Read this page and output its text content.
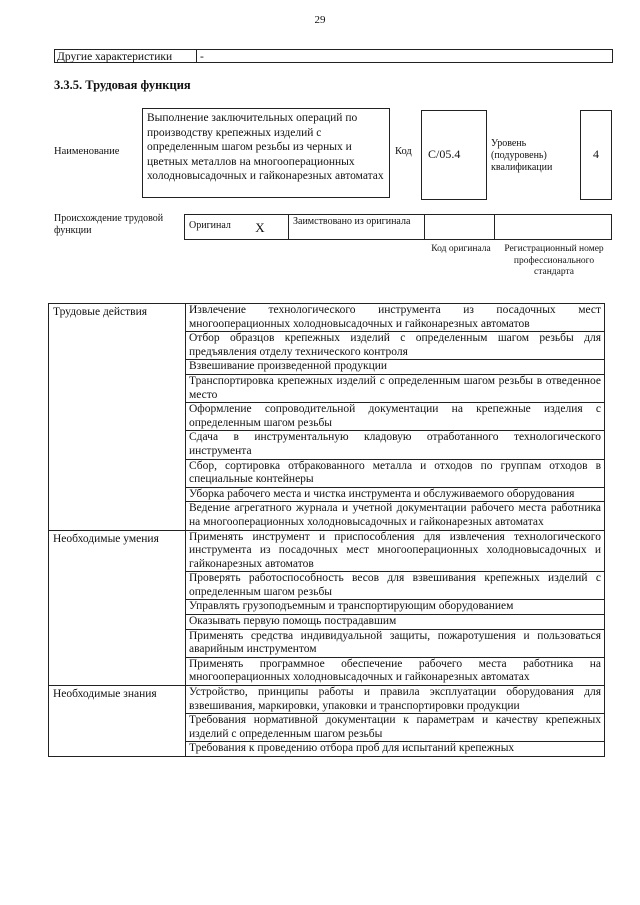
29
Другие характеристики	-
3.3.5. Трудовая функция
Наименование
Выполнение заключительных операций по производству крепежных изделий с определенным шагом резьбы из черных и цветных металлов на многооперационных холодновысадочных и гайконарезных автоматах
Код	C/05.4
Уровень (подуровень) квалификации
4
Происхождение трудовой функции	Оригинал	X	Заимствовано из оригинала
Код оригинала	Регистрационный номер профессионального стандарта
Трудовые действия	Извлечение технологического инструмента из посадочных мест многооперационных холодновысадочных и гайконарезных автоматов
	Отбор образцов крепежных изделий с определенным шагом резьбы для предъявления отделу технического контроля
	Взвешивание произведенной продукции
	Транспортировка крепежных изделий с определенным шагом резьбы в отведенное место
	Оформление сопроводительной документации на крепежные изделия с определенным шагом резьбы
	Сдача в инструментальную кладовую отработанного технологического инструмента
	Сбор, сортировка отбракованного металла и отходов по группам отходов в специальные контейнеры
	Уборка рабочего места и чистка инструмента и обслуживаемого оборудования
	Ведение агрегатного журнала и учетной документации рабочего места работника на многооперационных холодновысадочных и гайконарезных автоматах
Необходимые умения	Применять инструмент и приспособления для извлечения технологического инструмента из посадочных мест многооперационных холодновысадочных и гайконарезных автоматов
	Проверять работоспособность весов для взвешивания крепежных изделий с определенным шагом резьбы
	Управлять грузоподъемным и транспортирующим оборудованием
	Оказывать первую помощь пострадавшим
	Применять средства индивидуальной защиты, пожаротушения и пользоваться аварийным инструментом
	Применять программное обеспечение рабочего места работника на многооперационных холодновысадочных и гайконарезных автоматах
Необходимые знания	Устройство, принципы работы и правила эксплуатации оборудования для взвешивания, маркировки, упаковки и транспортировки продукции
	Требования нормативной документации к параметрам и качеству крепежных изделий с определенным шагом резьбы
	Требования к проведению отбора проб для испытаний крепежных
